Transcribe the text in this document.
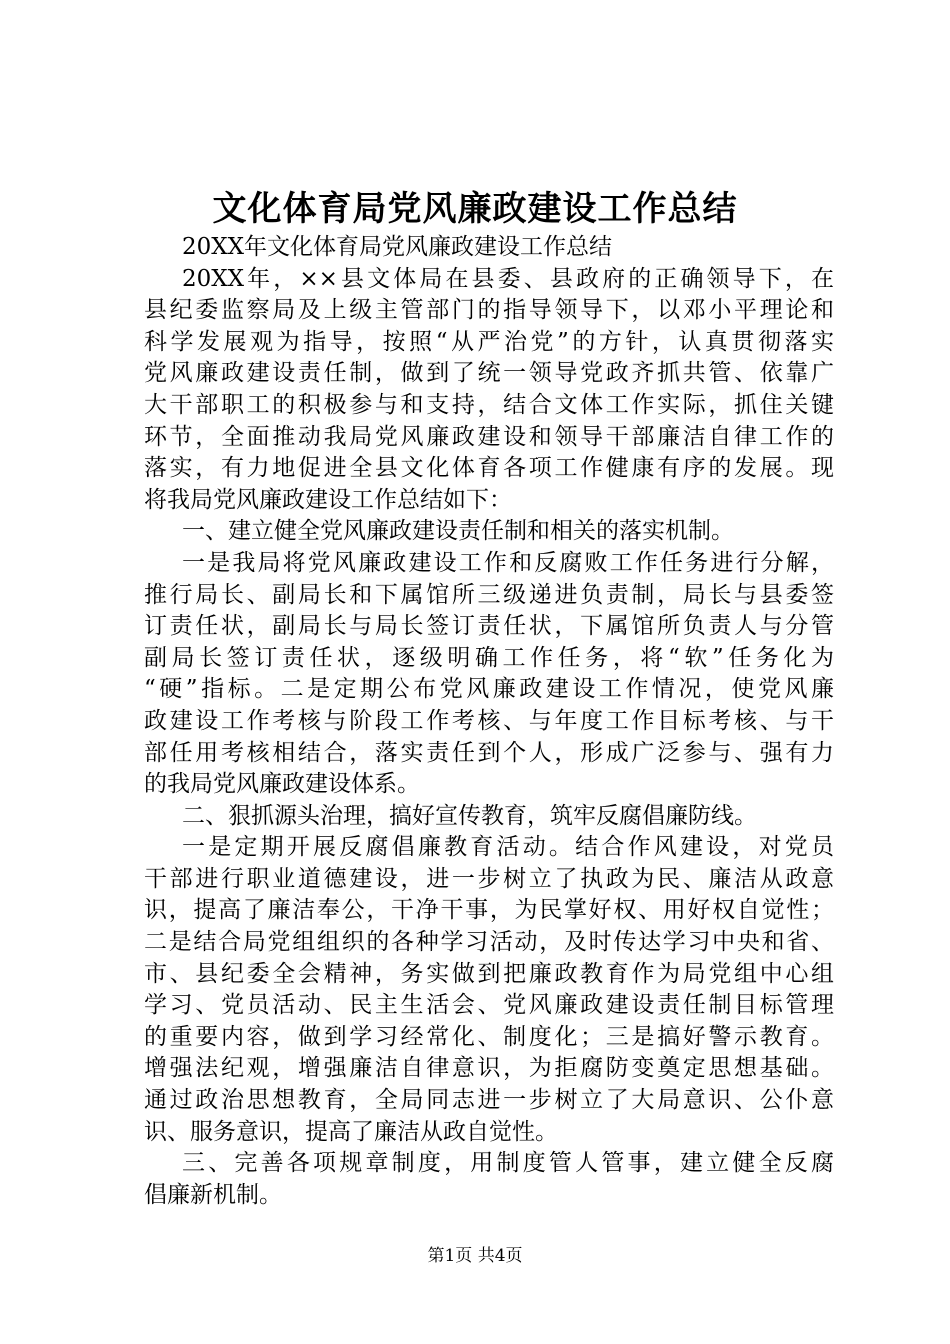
文化体育局党风廉政建设工作总结
20XX年文化体育局党风廉政建设工作总结
20XX年，××县文体局在县委、县政府的正确领导下，在
县纪委监察局及上级主管部门的指导领导下，以邓小平理论和
科学发展观为指导，按照“从严治党”的方针，认真贯彻落实
党风廉政建设责任制，做到了统一领导党政齐抓共管、依靠广
大干部职工的积极参与和支持，结合文体工作实际，抓住关键
环节，全面推动我局党风廉政建设和领导干部廉洁自律工作的
落实，有力地促进全县文化体育各项工作健康有序的发展。现
将我局党风廉政建设工作总结如下：
一、建立健全党风廉政建设责任制和相关的落实机制。
一是我局将党风廉政建设工作和反腐败工作任务进行分解，
推行局长、副局长和下属馆所三级递进负责制，局长与县委签
订责任状，副局长与局长签订责任状，下属馆所负责人与分管
副局长签订责任状，逐级明确工作任务，将“软”任务化为
“硬”指标。二是定期公布党风廉政建设工作情况，使党风廉
政建设工作考核与阶段工作考核、与年度工作目标考核、与干
部任用考核相结合，落实责任到个人，形成广泛参与、强有力
的我局党风廉政建设体系。
二、狠抓源头治理，搞好宣传教育，筑牢反腐倡廉防线。
一是定期开展反腐倡廉教育活动。结合作风建设，对党员
干部进行职业道德建设，进一步树立了执政为民、廉洁从政意
识，提高了廉洁奉公，干净干事，为民掌好权、用好权自觉性；
二是结合局党组组织的各种学习活动，及时传达学习中央和省、
市、县纪委全会精神，务实做到把廉政教育作为局党组中心组
学习、党员活动、民主生活会、党风廉政建设责任制目标管理
的重要内容，做到学习经常化、制度化；三是搞好警示教育。
增强法纪观，增强廉洁自律意识，为拒腐防变奠定思想基础。
通过政治思想教育，全局同志进一步树立了大局意识、公仆意
识、服务意识，提高了廉洁从政自觉性。
三、完善各项规章制度，用制度管人管事，建立健全反腐
倡廉新机制。
第1页 共4页
